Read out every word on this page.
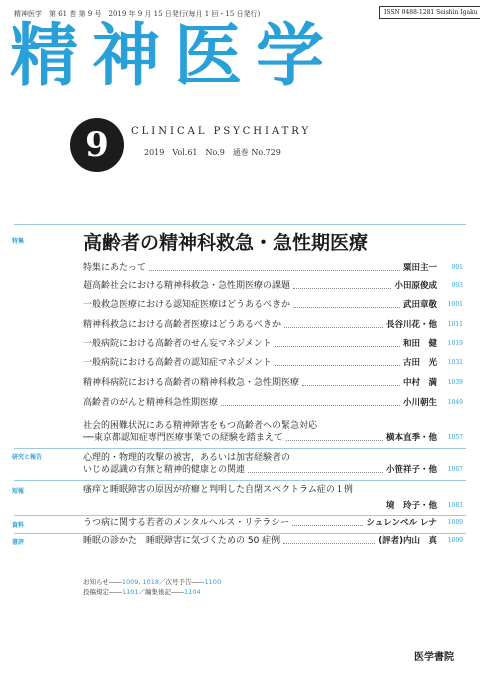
精神医学　第 61 巻 第 9 号　2019 年 9 月 15 日発行(毎月 1 回・15 日発行)	ISSN 0488-1281 Seishin Igaku
精神医学
9	CLINICAL PSYCHIATRY
2019　Vol.61　No.9　通巻 No.729
特集	高齢者の精神科救急・急性期医療
特集にあたって	粟田主一	991
超高齢社会における精神科救急・急性期医療の課題	小田原俊成	993
一般救急医療における認知症医療はどうあるべきか	武田章敬	1001
精神科救急における高齢者医療はどうあるべきか	長谷川花・他	1011
一般病院における高齢者のせん妄マネジメント	和田　健	1019
一般病院における高齢者の認知症マネジメント	古田　光	1031
精神科病院における高齢者の精神科救急・急性期医療	中村　満	1039
高齢者のがんと精神科急性期医療	小川朝生	1049
社会的困難状況にある精神障害をもつ高齢者への緊急対応
──東京都認知症専門医療事業での経験を踏まえて	横本直季・他	1057
研究と報告	心理的・物理的攻撃の被害，あるいは加害経験者の
いじめ認識の有無と精神的健康との関連	小笹祥子・他	1067
短報	瘙痒と睡眠障害の原因が疥癬と判明した自閉スペクトラム症の１例
境　玲子・他	1083
資料	うつ病に関する若者のメンタルヘルス・リテラシー	シュレンベル レナ	1089
書評	睡眠の診かた　睡眠障害に気づくための 50 症例	(評者)内山　真	1099
お知らせ――1009, 1018／次号予告――1100
投稿規定――1101／編集後記――1104
医学書院
